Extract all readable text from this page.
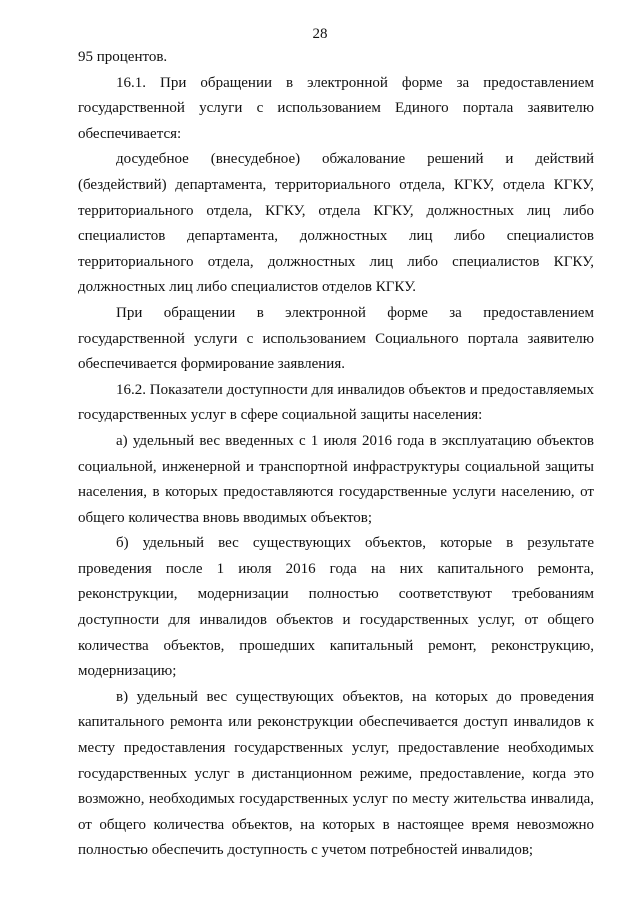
28

95 процентов.

16.1. При обращении в электронной форме за предоставлением государственной услуги с использованием Единого портала заявителю обеспечивается:

досудебное (внесудебное) обжалование решений и действий (бездействий) департамента, территориального отдела, КГКУ, отдела КГКУ, территориального отдела, КГКУ, отдела КГКУ, должностных лиц либо специалистов департамента, должностных лиц либо специалистов территориального отдела, должностных лиц либо специалистов КГКУ, должностных лиц либо специалистов отделов КГКУ.

При обращении в электронной форме за предоставлением государственной услуги с использованием Социального портала заявителю обеспечивается формирование заявления.

16.2. Показатели доступности для инвалидов объектов и предоставляемых государственных услуг в сфере социальной защиты населения:

а) удельный вес введенных с 1 июля 2016 года в эксплуатацию объектов социальной, инженерной и транспортной инфраструктуры социальной защиты населения, в которых предоставляются государственные услуги населению, от общего количества вновь вводимых объектов;

б) удельный вес существующих объектов, которые в результате проведения после 1 июля 2016 года на них капитального ремонта, реконструкции, модернизации полностью соответствуют требованиям доступности для инвалидов объектов и государственных услуг, от общего количества объектов, прошедших капитальный ремонт, реконструкцию, модернизацию;

в) удельный вес существующих объектов, на которых до проведения капитального ремонта или реконструкции обеспечивается доступ инвалидов к месту предоставления государственных услуг, предоставление необходимых государственных услуг в дистанционном режиме, предоставление, когда это возможно, необходимых государственных услуг по месту жительства инвалида, от общего количества объектов, на которых в настоящее время невозможно полностью обеспечить доступность с учетом потребностей инвалидов;
